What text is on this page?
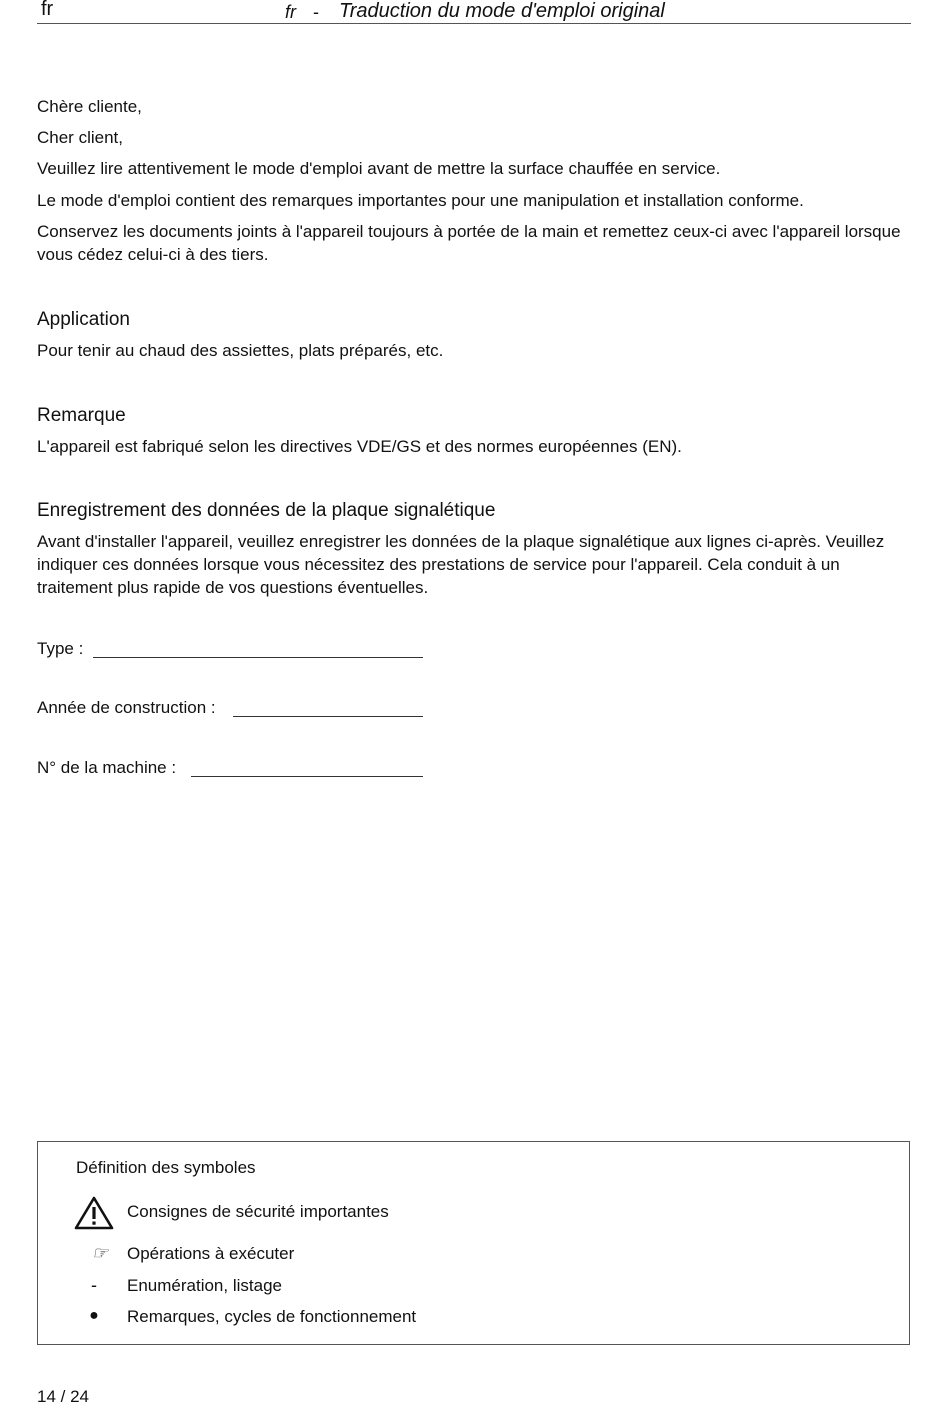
fr	fr - Traduction du mode d'emploi original
Chère cliente,
Cher client,
Veuillez lire attentivement le mode d'emploi avant de mettre la surface chauffée en service.
Le mode d'emploi contient des remarques importantes pour une manipulation et installation conforme.
Conservez les documents joints à l'appareil toujours à portée de la main et remettez ceux-ci avec l'appareil lorsque vous cédez celui-ci à des tiers.
Application
Pour tenir au chaud des assiettes, plats préparés, etc.
Remarque
L'appareil est fabriqué selon les directives VDE/GS et des normes européennes (EN).
Enregistrement des données de la plaque signalétique
Avant d'installer l'appareil, veuillez enregistrer les données de la plaque signalétique aux lignes ci-après. Veuillez indiquer ces données lorsque vous nécessitez des prestations de service pour l'appareil. Cela conduit à un traitement plus rapide de vos questions éventuelles.
Type :
Année de construction :
N° de la machine :
Définition des symboles
Consignes de sécurité importantes
☞	Opérations à exécuter
-	Enumération, listage
●	Remarques, cycles de fonctionnement
14 / 24
